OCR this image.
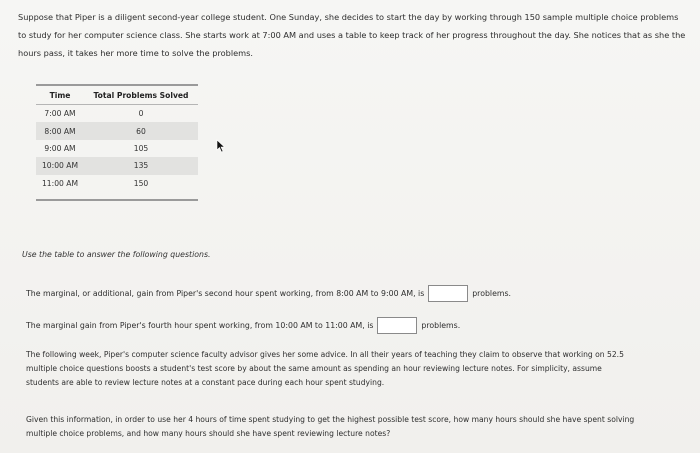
Suppose that Piper is a diligent second-year college student. One Sunday, she decides to start the day by working through 150 sample multiple choice problems to study for her computer science class. She starts work at 7:00 AM and uses a table to keep track of her progress throughout the day. She notices that as she the hours pass, it takes her more time to solve the problems.

Time	Total Problems Solved

7:00 AM	0
8:00 AM	60
9:00 AM	105
10:00 AM	135
11:00 AM	150
Use the table to answer the following questions.
The marginal, or additional, gain from Piper's second hour spent working, from 8:00 AM to 9:00 AM, is	problems.
The marginal gain from Piper's fourth hour spent working, from 10:00 AM to 11:00 AM, is	problems.

The following week, Piper's computer science faculty advisor gives her some advice. In all their years of teaching they claim to observe that working on 52.5 multiple choice questions boosts a student's test score by about the same amount as spending an hour reviewing lecture notes. For simplicity, assume students are able to review lecture notes at a constant pace during each hour spent studying.

Given this information, in order to use her 4 hours of time spent studying to get the highest possible test score, how many hours should she have spent solving multiple choice problems, and how many hours should she have spent reviewing lecture notes?
